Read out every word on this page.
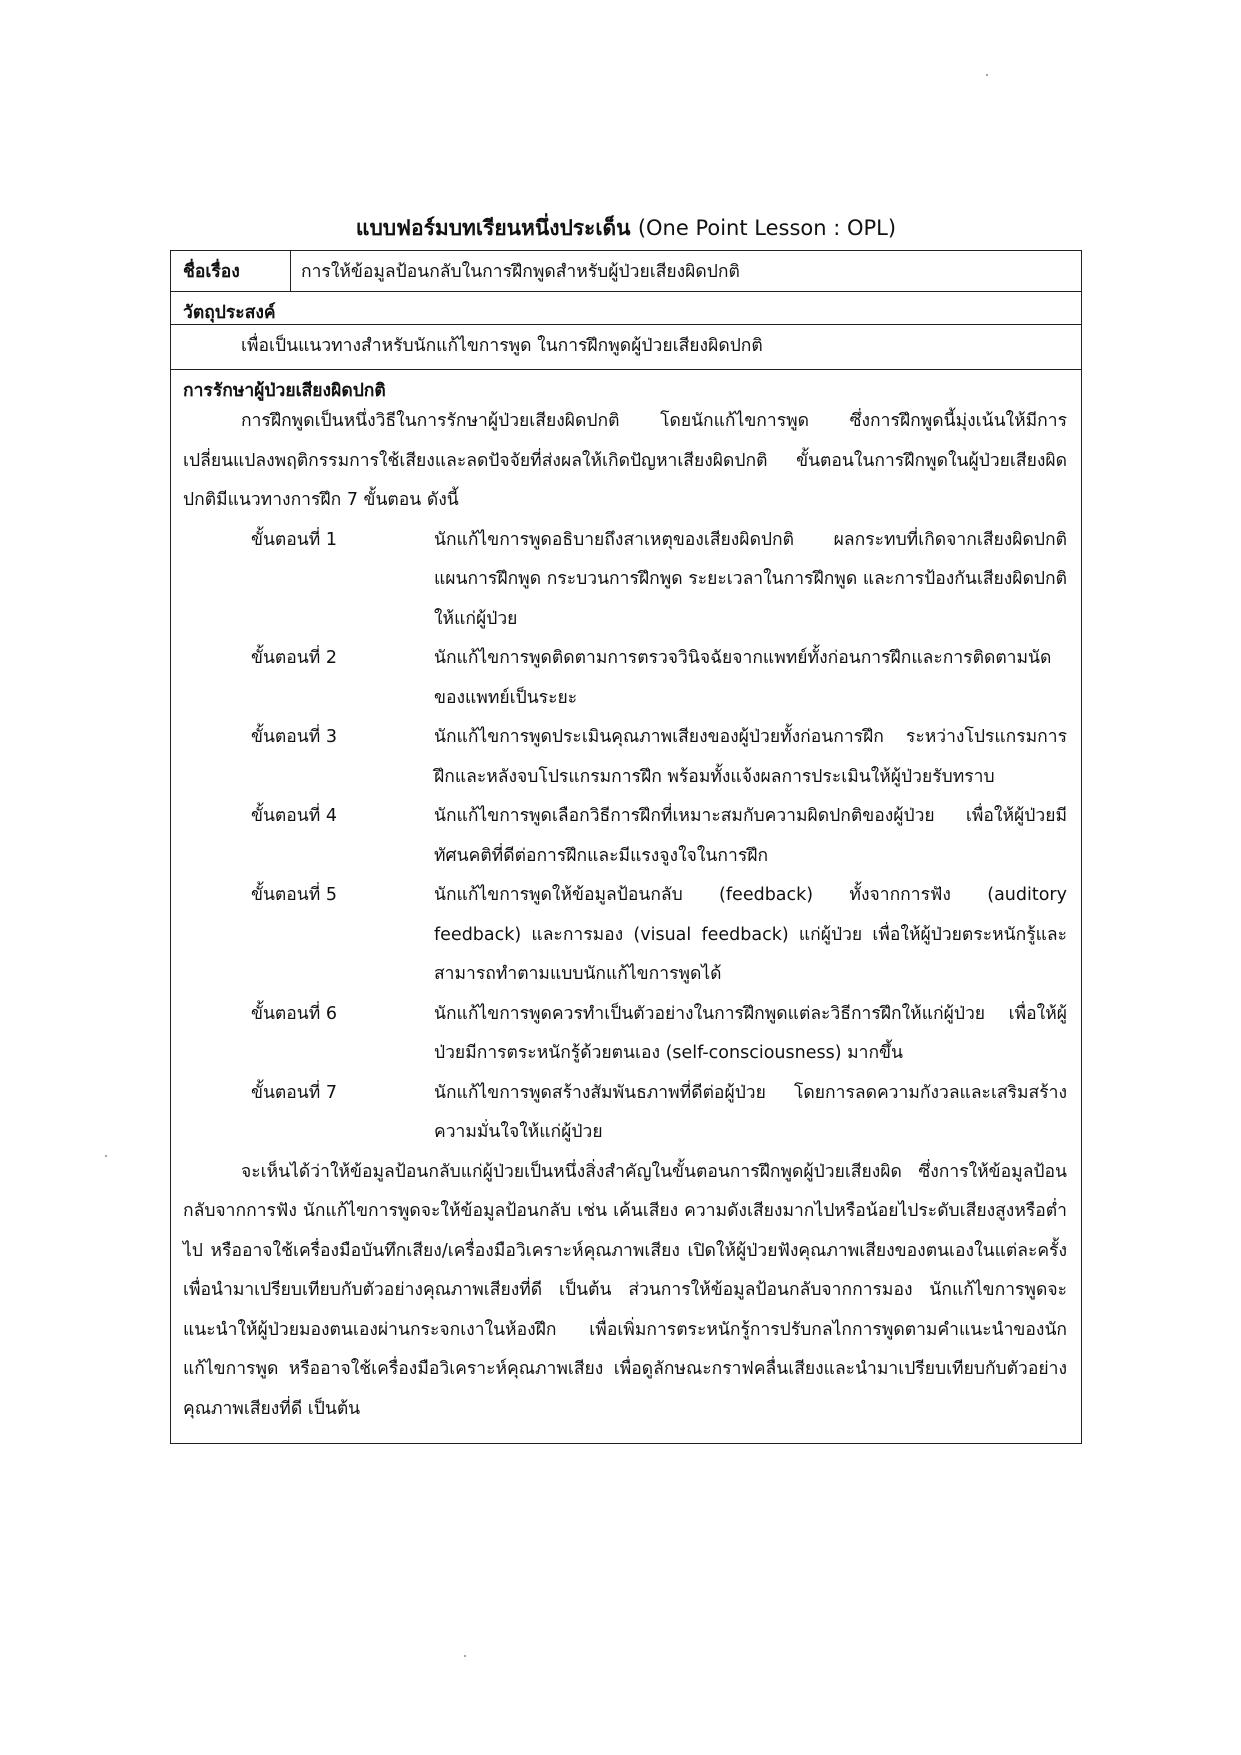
แบบฟอร์มบทเรียนหนึ่งประเด็น (One Point Lesson : OPL)
ชื่อเรื่อง	การให้ข้อมูลป้อนกลับในการฝึกพูดสำหรับผู้ป่วยเสียงผิดปกติ
วัตถุประสงค์
เพื่อเป็นแนวทางสำหรับนักแก้ไขการพูด ในการฝึกพูดผู้ป่วยเสียงผิดปกติ
การรักษาผู้ป่วยเสียงผิดปกติ
การฝึกพูดเป็นหนึ่งวิธีในการรักษาผู้ป่วยเสียงผิดปกติ โดยนักแก้ไขการพูด ซึ่งการฝึกพูดนี้มุ่งเน้นให้มีการเปลี่ยนแปลงพฤติกรรมการใช้เสียงและลดปัจจัยที่ส่งผลให้เกิดปัญหาเสียงผิดปกติ ขั้นตอนในการฝึกพูดในผู้ป่วยเสียงผิดปกติมีแนวทางการฝึก 7 ขั้นตอน ดังนี้
ขั้นตอนที่ 1	นักแก้ไขการพูดอธิบายถึงสาเหตุของเสียงผิดปกติ ผลกระทบที่เกิดจากเสียงผิดปกติ แผนการฝึกพูด กระบวนการฝึกพูด ระยะเวลาในการฝึกพูด และการป้องกันเสียงผิดปกติให้แก่ผู้ป่วย
ขั้นตอนที่ 2	นักแก้ไขการพูดติดตามการตรวจวินิจฉัยจากแพทย์ทั้งก่อนการฝึกและการติดตามนัด ของแพทย์เป็นระยะ
ขั้นตอนที่ 3	นักแก้ไขการพูดประเมินคุณภาพเสียงของผู้ป่วยทั้งก่อนการฝึก ระหว่างโปรแกรมการฝึกและหลังจบโปรแกรมการฝึก พร้อมทั้งแจ้งผลการประเมินให้ผู้ป่วยรับทราบ
ขั้นตอนที่ 4	นักแก้ไขการพูดเลือกวิธีการฝึกที่เหมาะสมกับความผิดปกติของผู้ป่วย เพื่อให้ผู้ป่วยมีทัศนคติที่ดีต่อการฝึกและมีแรงจูงใจในการฝึก
ขั้นตอนที่ 5	นักแก้ไขการพูดให้ข้อมูลป้อนกลับ (feedback) ทั้งจากการฟัง (auditory feedback) และการมอง (visual feedback) แก่ผู้ป่วย เพื่อให้ผู้ป่วยตระหนักรู้และสามารถทำตามแบบนักแก้ไขการพูดได้
ขั้นตอนที่ 6	นักแก้ไขการพูดควรทำเป็นตัวอย่างในการฝึกพูดแต่ละวิธีการฝึกให้แก่ผู้ป่วย เพื่อให้ผู้ป่วยมีการตระหนักรู้ด้วยตนเอง (self-consciousness) มากขึ้น
ขั้นตอนที่ 7	นักแก้ไขการพูดสร้างสัมพันธภาพที่ดีต่อผู้ป่วย โดยการลดความกังวลและเสริมสร้างความมั่นใจให้แก่ผู้ป่วย
จะเห็นได้ว่าให้ข้อมูลป้อนกลับแก่ผู้ป่วยเป็นหนึ่งสิ่งสำคัญในขั้นตอนการฝึกพูดผู้ป่วยเสียงผิด ซึ่งการให้ข้อมูลป้อนกลับจากการฟัง นักแก้ไขการพูดจะให้ข้อมูลป้อนกลับ เช่น เค้นเสียง ความดังเสียงมากไปหรือน้อยไประดับเสียงสูงหรือต่ำไป หรืออาจใช้เครื่องมือบันทึกเสียง/เครื่องมือวิเคราะห์คุณภาพเสียง เปิดให้ผู้ป่วยฟังคุณภาพเสียงของตนเองในแต่ละครั้ง เพื่อนำมาเปรียบเทียบกับตัวอย่างคุณภาพเสียงที่ดี เป็นต้น ส่วนการให้ข้อมูลป้อนกลับจากการมอง นักแก้ไขการพูดจะแนะนำให้ผู้ป่วยมองตนเองผ่านกระจกเงาในห้องฝึก เพื่อเพิ่มการตระหนักรู้การปรับกลไกการพูดตามคำแนะนำของนักแก้ไขการพูด หรืออาจใช้เครื่องมือวิเคราะห์คุณภาพเสียง เพื่อดูลักษณะกราฟคลื่นเสียงและนำมาเปรียบเทียบกับตัวอย่างคุณภาพเสียงที่ดี เป็นต้น
